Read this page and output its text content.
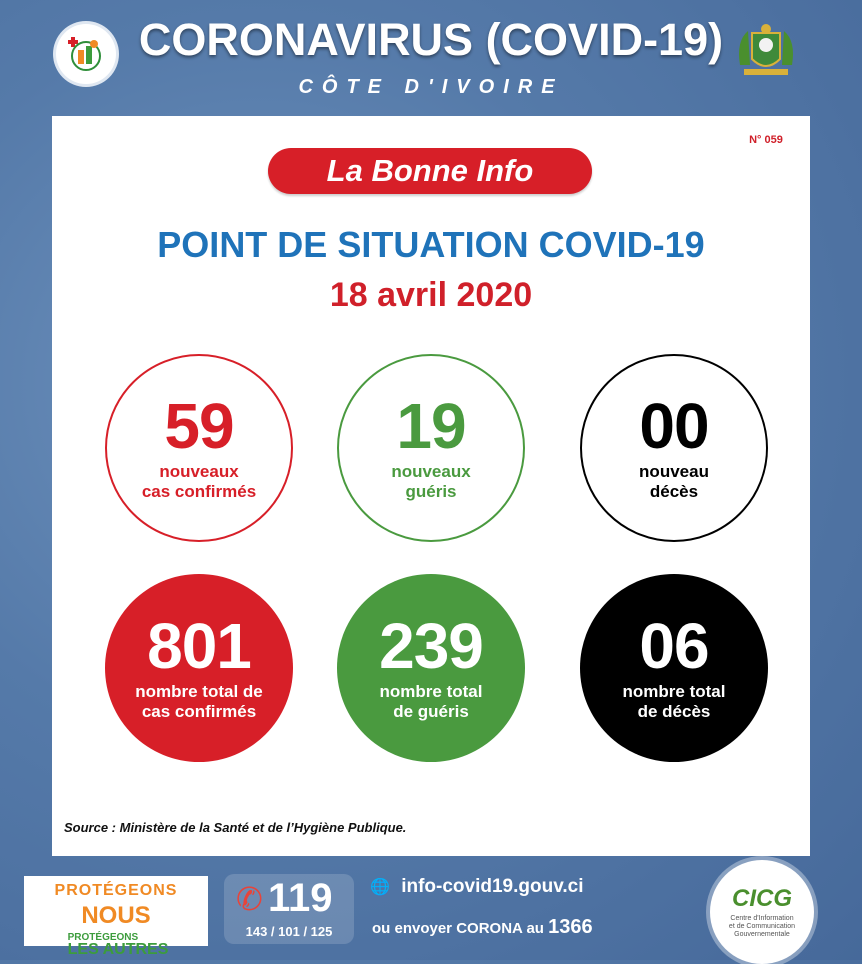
CORONAVIRUS (COVID-19)
CÔTE D'IVOIRE
N° 059
La Bonne Info
POINT DE SITUATION COVID-19
18 avril 2020
59
nouveaux
cas confirmés
19
nouveaux
guéris
00
nouveau
décès
801
nombre total de
cas confirmés
239
nombre total
de guéris
06
nombre total
de décès
Source : Ministère de la Santé et de l’Hygiène Publique.
PROTÉGEONS
NOUS PROTÉGEONS
LES AUTRES
✆ 119
143 / 101 / 125
🌐 info-covid19.gouv.ci
ou envoyer CORONA au 1366
CICG
Centre d'Information et de Communication Gouvernementale
